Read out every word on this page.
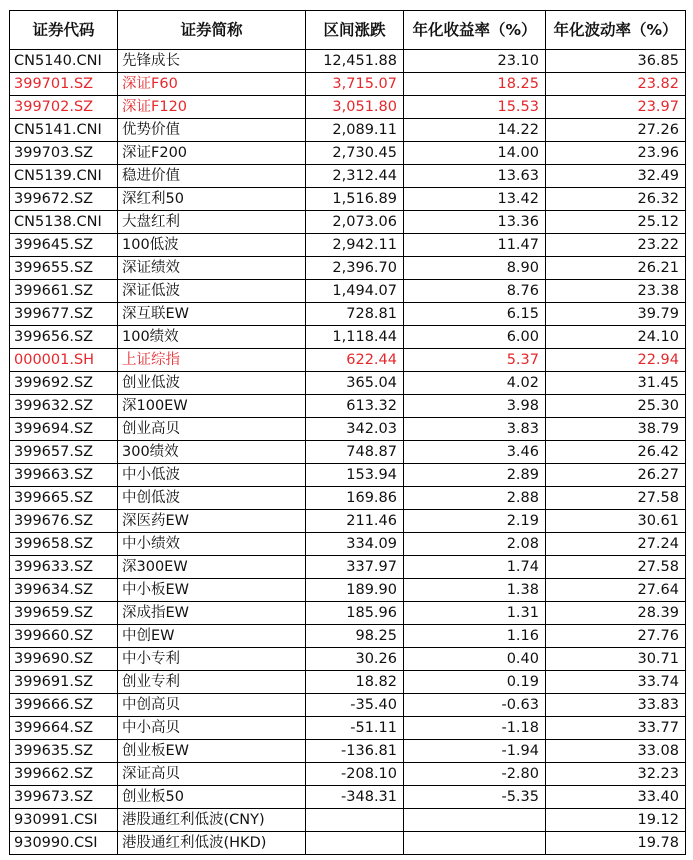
证券代码	证券简称	区间涨跌	年化收益率（%）	年化波动率（%）
CN5140.CNI	先锋成长	12,451.88	23.10	36.85
399701.SZ	深证F60	3,715.07	18.25	23.82
399702.SZ	深证F120	3,051.80	15.53	23.97
CN5141.CNI	优势价值	2,089.11	14.22	27.26
399703.SZ	深证F200	2,730.45	14.00	23.96
CN5139.CNI	稳进价值	2,312.44	13.63	32.49
399672.SZ	深红利50	1,516.89	13.42	26.32
CN5138.CNI	大盘红利	2,073.06	13.36	25.12
399645.SZ	100低波	2,942.11	11.47	23.22
399655.SZ	深证绩效	2,396.70	8.90	26.21
399661.SZ	深证低波	1,494.07	8.76	23.38
399677.SZ	深互联EW	728.81	6.15	39.79
399656.SZ	100绩效	1,118.44	6.00	24.10
000001.SH	上证综指	622.44	5.37	22.94
399692.SZ	创业低波	365.04	4.02	31.45
399632.SZ	深100EW	613.32	3.98	25.30
399694.SZ	创业高贝	342.03	3.83	38.79
399657.SZ	300绩效	748.87	3.46	26.42
399663.SZ	中小低波	153.94	2.89	26.27
399665.SZ	中创低波	169.86	2.88	27.58
399676.SZ	深医药EW	211.46	2.19	30.61
399658.SZ	中小绩效	334.09	2.08	27.24
399633.SZ	深300EW	337.97	1.74	27.58
399634.SZ	中小板EW	189.90	1.38	27.64
399659.SZ	深成指EW	185.96	1.31	28.39
399660.SZ	中创EW	98.25	1.16	27.76
399690.SZ	中小专利	30.26	0.40	30.71
399691.SZ	创业专利	18.82	0.19	33.74
399666.SZ	中创高贝	-35.40	-0.63	33.83
399664.SZ	中小高贝	-51.11	-1.18	33.77
399635.SZ	创业板EW	-136.81	-1.94	33.08
399662.SZ	深证高贝	-208.10	-2.80	32.23
399673.SZ	创业板50	-348.31	-5.35	33.40
930991.CSI	港股通红利低波(CNY)			19.12
930990.CSI	港股通红利低波(HKD)			19.78
